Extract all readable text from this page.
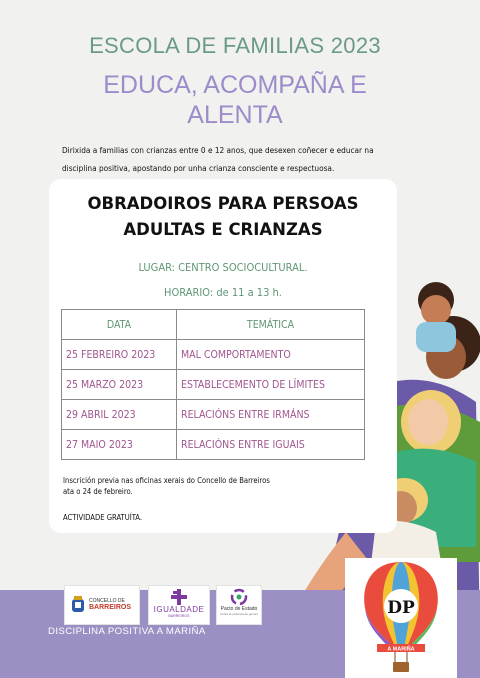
ESCOLA DE FAMILIAS 2023
EDUCA, ACOMPAÑA E ALENTA
Dirixida a familias con crianzas entre 0 e 12 anos, que desexen coñecer e educar na disciplina positiva, apostando por unha crianza consciente e respectuosa.
OBRADOIROS PARA PERSOAS
ADULTAS E CRIANZAS
LUGAR: CENTRO SOCIOCULTURAL.
HORARIO: de 11 a 13 h.
DATA	TEMÁTICA
25 FEBREIRO 2023	MAL COMPORTAMENTO
25 MARZO 2023	ESTABLECEMENTO DE LÍMITES
29 ABRIL 2023	RELACIÓNS ENTRE IRMÁNS
27 MAIO 2023	RELACIÓNS ENTRE IGUAIS
Inscrición previa nas oficinas xerais do Concello de Barreiros
ata o 24 de febreiro.
ACTIVIDADE GRATUÍTA.
CONCELLO DE
BARREIROS	IGUALDADE
BARREIROS
Pacto de Estado
contra la violencia de género
DISCIPLINA POSITIVA A MARIÑA
DP
A MARIÑA
